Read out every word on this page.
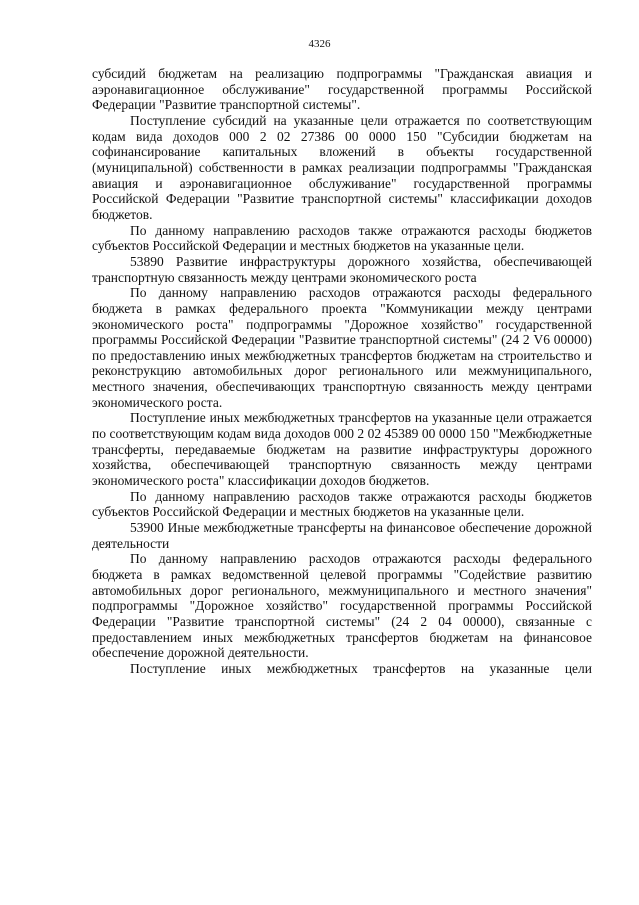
4326

субсидий бюджетам на реализацию подпрограммы "Гражданская авиация и аэронавигационное обслуживание" государственной программы Российской Федерации "Развитие транспортной системы".

Поступление субсидий на указанные цели отражается по соответствующим кодам вида доходов 000 2 02 27386 00 0000 150 "Субсидии бюджетам на софинансирование капитальных вложений в объекты государственной (муниципальной) собственности в рамках реализации подпрограммы "Гражданская авиация и аэронавигационное обслуживание" государственной программы Российской Федерации "Развитие транспортной системы" классификации доходов бюджетов.

По данному направлению расходов также отражаются расходы бюджетов субъектов Российской Федерации и местных бюджетов на указанные цели.

53890 Развитие инфраструктуры дорожного хозяйства, обеспечивающей транспортную связанность между центрами экономического роста

По данному направлению расходов отражаются расходы федерального бюджета в рамках федерального проекта "Коммуникации между центрами экономического роста" подпрограммы "Дорожное хозяйство" государственной программы Российской Федерации "Развитие транспортной системы" (24 2 V6 00000) по предоставлению иных межбюджетных трансфертов бюджетам на строительство и реконструкцию автомобильных дорог регионального или межмуниципального, местного значения, обеспечивающих транспортную связанность между центрами экономического роста.

Поступление иных межбюджетных трансфертов на указанные цели отражается по соответствующим кодам вида доходов 000 2 02 45389 00 0000 150 "Межбюджетные трансферты, передаваемые бюджетам на развитие инфраструктуры дорожного хозяйства, обеспечивающей транспортную связанность между центрами экономического роста" классификации доходов бюджетов.

По данному направлению расходов также отражаются расходы бюджетов субъектов Российской Федерации и местных бюджетов на указанные цели.

53900 Иные межбюджетные трансферты на финансовое обеспечение дорожной деятельности

По данному направлению расходов отражаются расходы федерального бюджета в рамках ведомственной целевой программы "Содействие развитию автомобильных дорог регионального, межмуниципального и местного значения" подпрограммы "Дорожное хозяйство" государственной программы Российской Федерации "Развитие транспортной системы" (24 2 04 00000), связанные с предоставлением иных межбюджетных трансфертов бюджетам на финансовое обеспечение дорожной деятельности.

Поступление иных межбюджетных трансфертов на указанные цели
